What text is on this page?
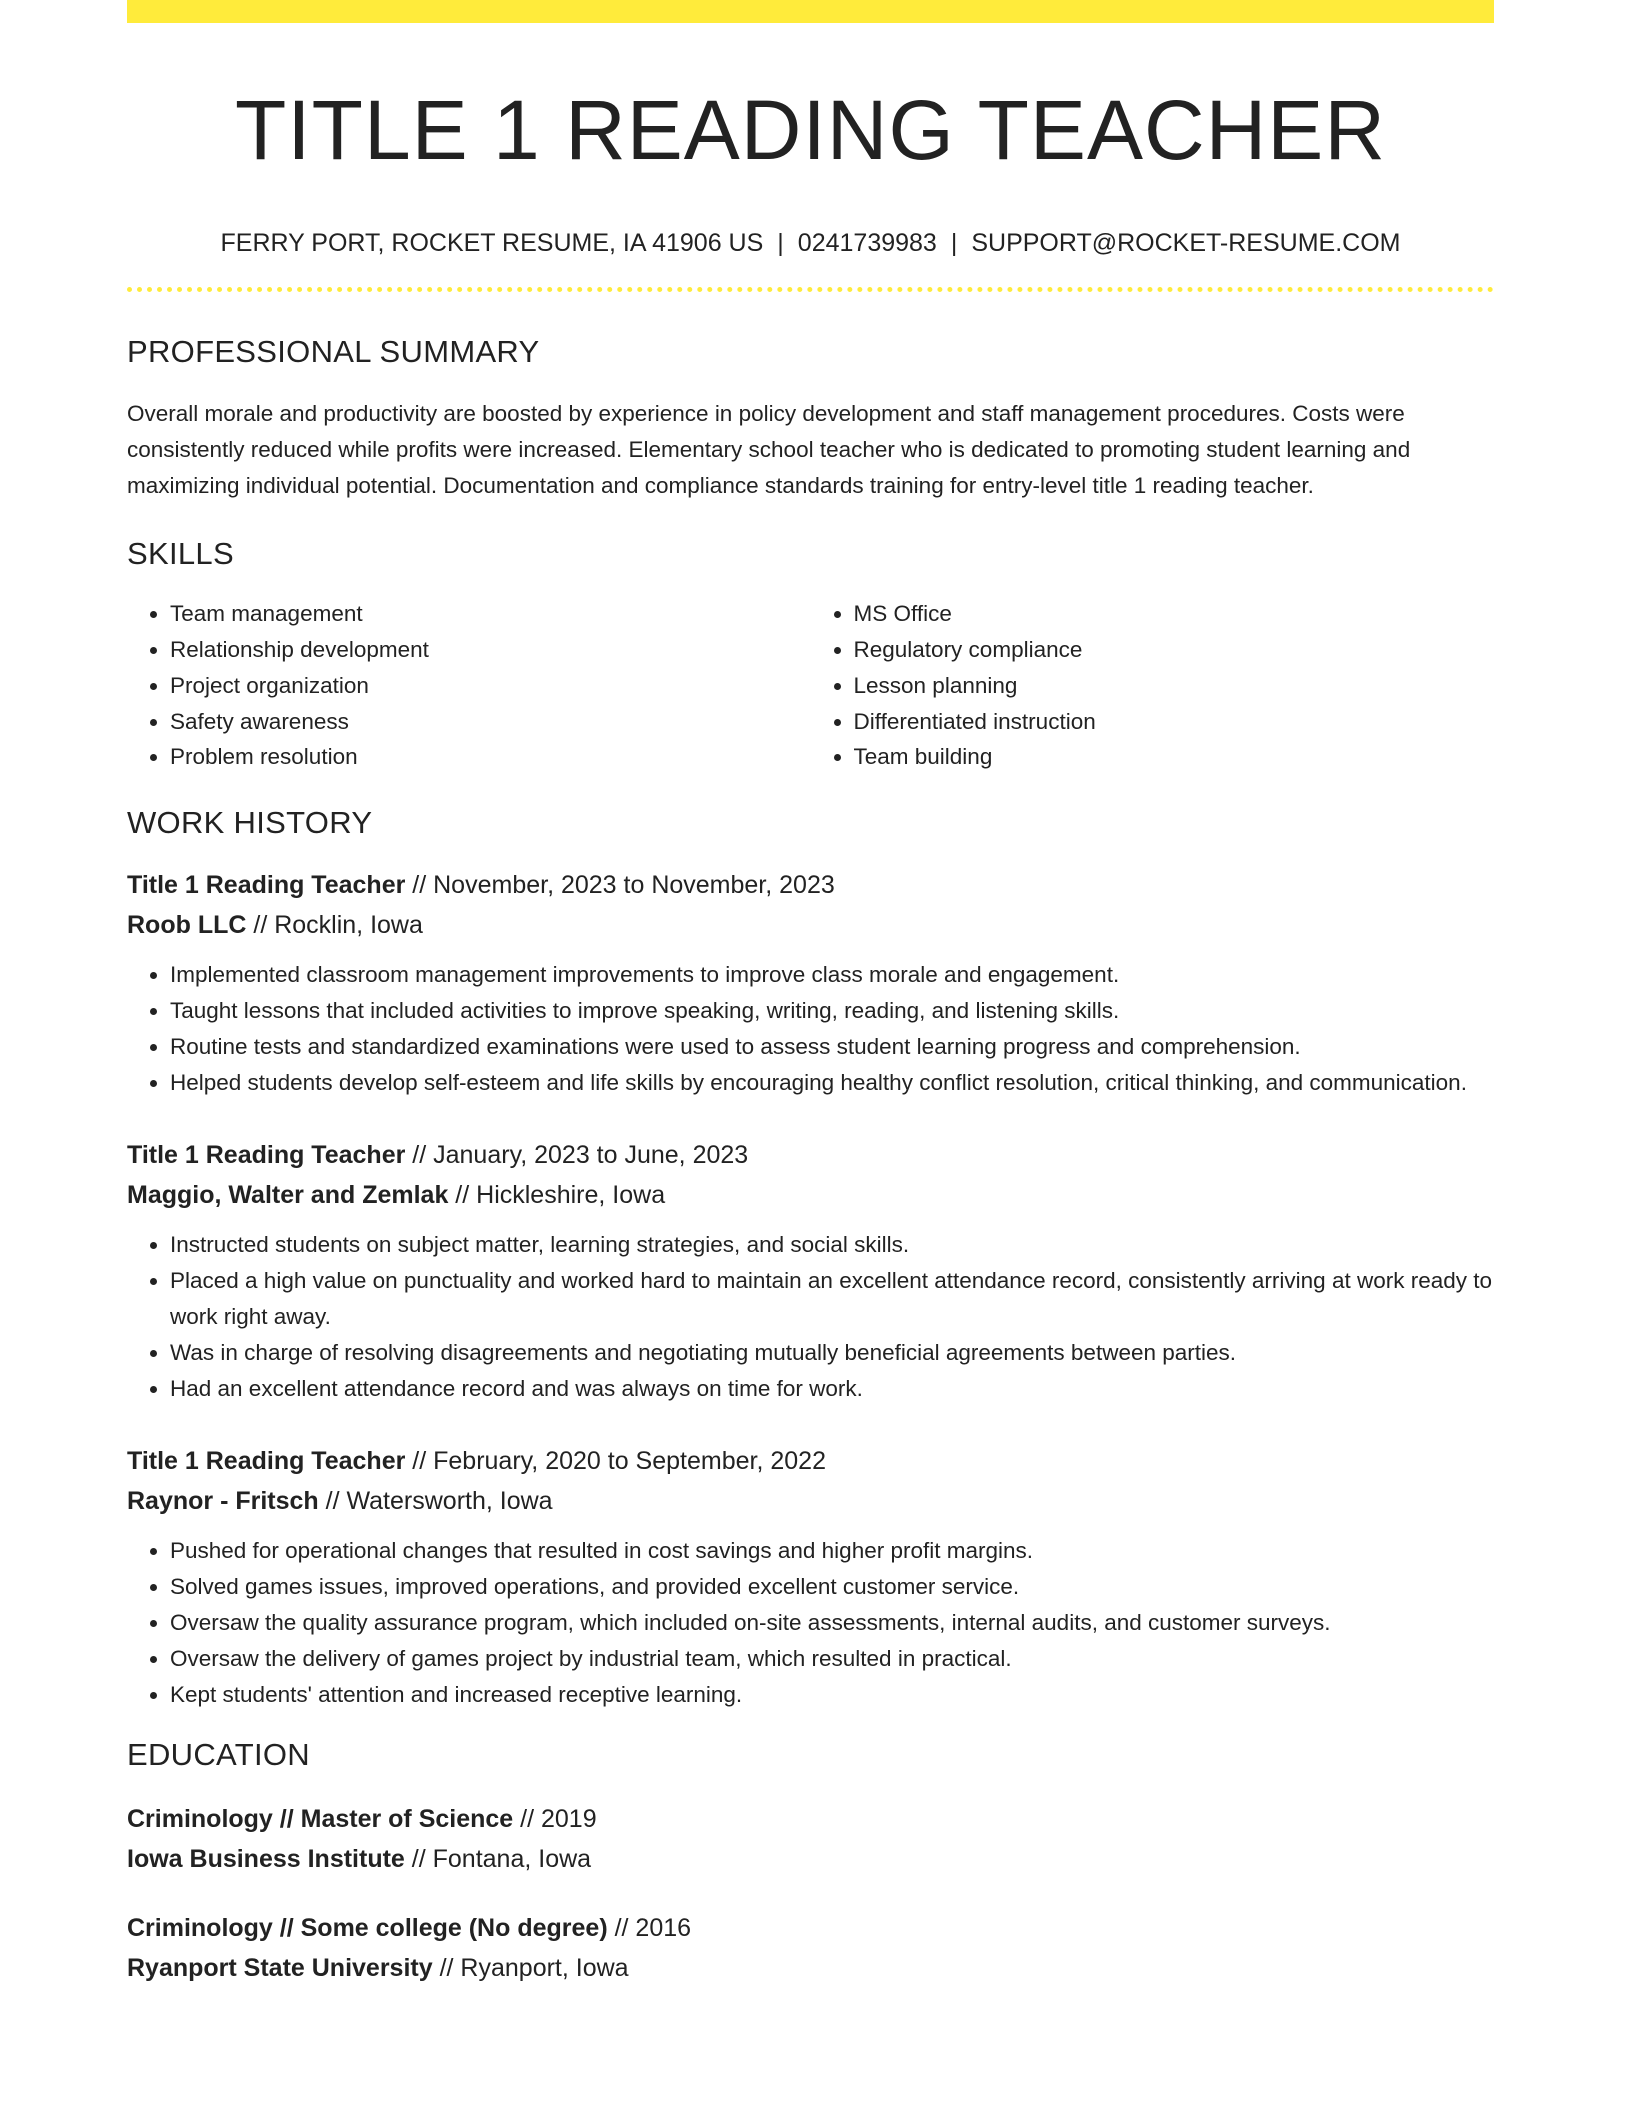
TITLE 1 READING TEACHER
FERRY PORT, ROCKET RESUME, IA 41906 US | 0241739983 | SUPPORT@ROCKET-RESUME.COM
PROFESSIONAL SUMMARY
Overall morale and productivity are boosted by experience in policy development and staff management procedures. Costs were consistently reduced while profits were increased. Elementary school teacher who is dedicated to promoting student learning and maximizing individual potential. Documentation and compliance standards training for entry-level title 1 reading teacher.
SKILLS
• Team management
• Relationship development
• Project organization
• Safety awareness
• Problem resolution
• MS Office
• Regulatory compliance
• Lesson planning
• Differentiated instruction
• Team building
WORK HISTORY
Title 1 Reading Teacher // November, 2023 to November, 2023
Roob LLC // Rocklin, Iowa
• Implemented classroom management improvements to improve class morale and engagement.
• Taught lessons that included activities to improve speaking, writing, reading, and listening skills.
• Routine tests and standardized examinations were used to assess student learning progress and comprehension.
• Helped students develop self-esteem and life skills by encouraging healthy conflict resolution, critical thinking, and communication.
Title 1 Reading Teacher // January, 2023 to June, 2023
Maggio, Walter and Zemlak // Hickleshire, Iowa
• Instructed students on subject matter, learning strategies, and social skills.
• Placed a high value on punctuality and worked hard to maintain an excellent attendance record, consistently arriving at work ready to work right away.
• Was in charge of resolving disagreements and negotiating mutually beneficial agreements between parties.
• Had an excellent attendance record and was always on time for work.
Title 1 Reading Teacher // February, 2020 to September, 2022
Raynor - Fritsch // Watersworth, Iowa
• Pushed for operational changes that resulted in cost savings and higher profit margins.
• Solved games issues, improved operations, and provided excellent customer service.
• Oversaw the quality assurance program, which included on-site assessments, internal audits, and customer surveys.
• Oversaw the delivery of games project by industrial team, which resulted in practical.
• Kept students' attention and increased receptive learning.
EDUCATION
Criminology // Master of Science // 2019
Iowa Business Institute // Fontana, Iowa
Criminology // Some college (No degree) // 2016
Ryanport State University // Ryanport, Iowa
